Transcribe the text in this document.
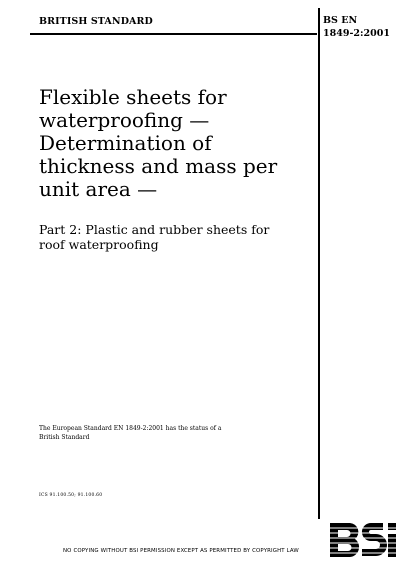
BRITISH STANDARD	BS EN
1849-2:2001
Flexible sheets for
waterproofing —
Determination of
thickness and mass per
unit area —
Part 2: Plastic and rubber sheets for
roof waterproofing
The European Standard EN 1849-2:2001 has the status of a
British Standard
ICS 91.100.50; 91.100.60
NO COPYING WITHOUT BSI PERMISSION EXCEPT AS PERMITTED BY COPYRIGHT LAW
